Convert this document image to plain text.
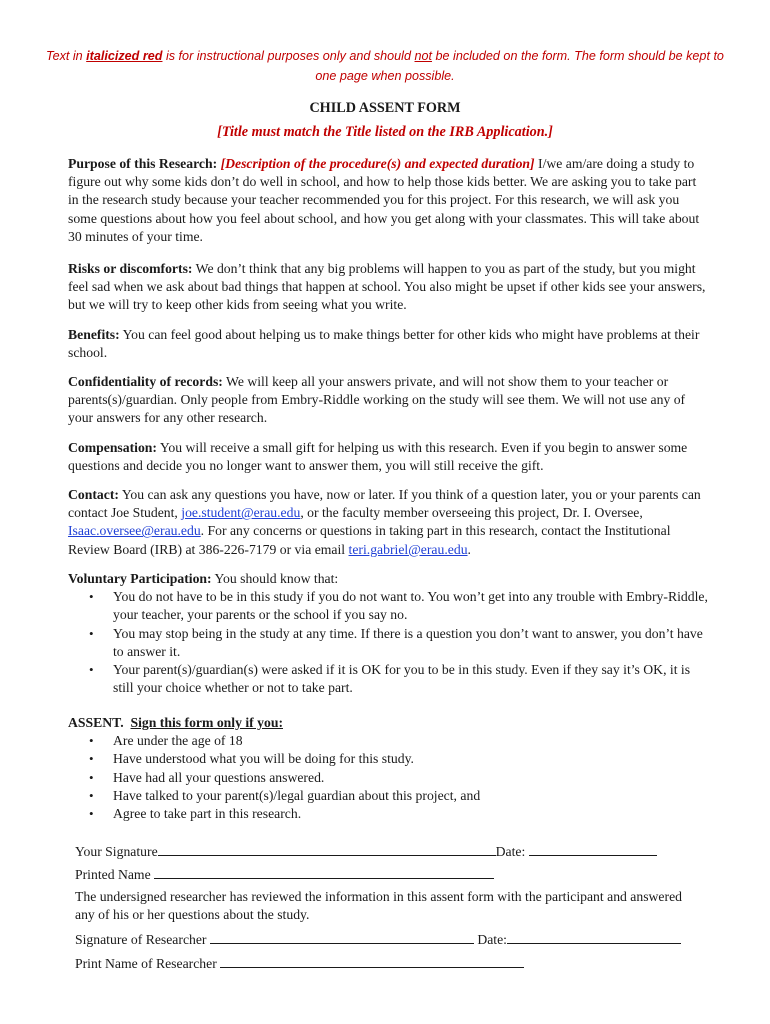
Text in italicized red is for instructional purposes only and should not be included on the form. The form should be kept to one page when possible.
CHILD ASSENT FORM
[Title must match the Title listed on the IRB Application.]
Purpose of this Research: [Description of the procedure(s) and expected duration] I/we am/are doing a study to figure out why some kids don’t do well in school, and how to help those kids better. We are asking you to take part in the research study because your teacher recommended you for this project. For this research, we will ask you some questions about how you feel about school, and how you get along with your classmates. This will take about 30 minutes of your time.
Risks or discomforts: We don’t think that any big problems will happen to you as part of the study, but you might feel sad when we ask about bad things that happen at school. You also might be upset if other kids see your answers, but we will try to keep other kids from seeing what you write.
Benefits: You can feel good about helping us to make things better for other kids who might have problems at their school.
Confidentiality of records: We will keep all your answers private, and will not show them to your teacher or parents(s)/guardian. Only people from Embry-Riddle working on the study will see them. We will not use any of your answers for any other research.
Compensation: You will receive a small gift for helping us with this research. Even if you begin to answer some questions and decide you no longer want to answer them, you will still receive the gift.
Contact: You can ask any questions you have, now or later. If you think of a question later, you or your parents can contact Joe Student, joe.student@erau.edu, or the faculty member overseeing this project, Dr. I. Oversee, Isaac.oversee@erau.edu. For any concerns or questions in taking part in this research, contact the Institutional Review Board (IRB) at 386-226-7179 or via email teri.gabriel@erau.edu.
Voluntary Participation: You should know that:
• You do not have to be in this study if you do not want to. You won’t get into any trouble with Embry-Riddle, your teacher, your parents or the school if you say no.
• You may stop being in the study at any time. If there is a question you don’t want to answer, you don’t have to answer it.
• Your parent(s)/guardian(s) were asked if it is OK for you to be in this study. Even if they say it’s OK, it is still your choice whether or not to take part.
ASSENT. Sign this form only if you:
• Are under the age of 18
• Have understood what you will be doing for this study.
• Have had all your questions answered.
• Have talked to your parent(s)/legal guardian about this project, and
• Agree to take part in this research.
Your Signature	Date:
Printed Name
The undersigned researcher has reviewed the information in this assent form with the participant and answered any of his or her questions about the study.
Signature of Researcher	Date:
Print Name of Researcher
